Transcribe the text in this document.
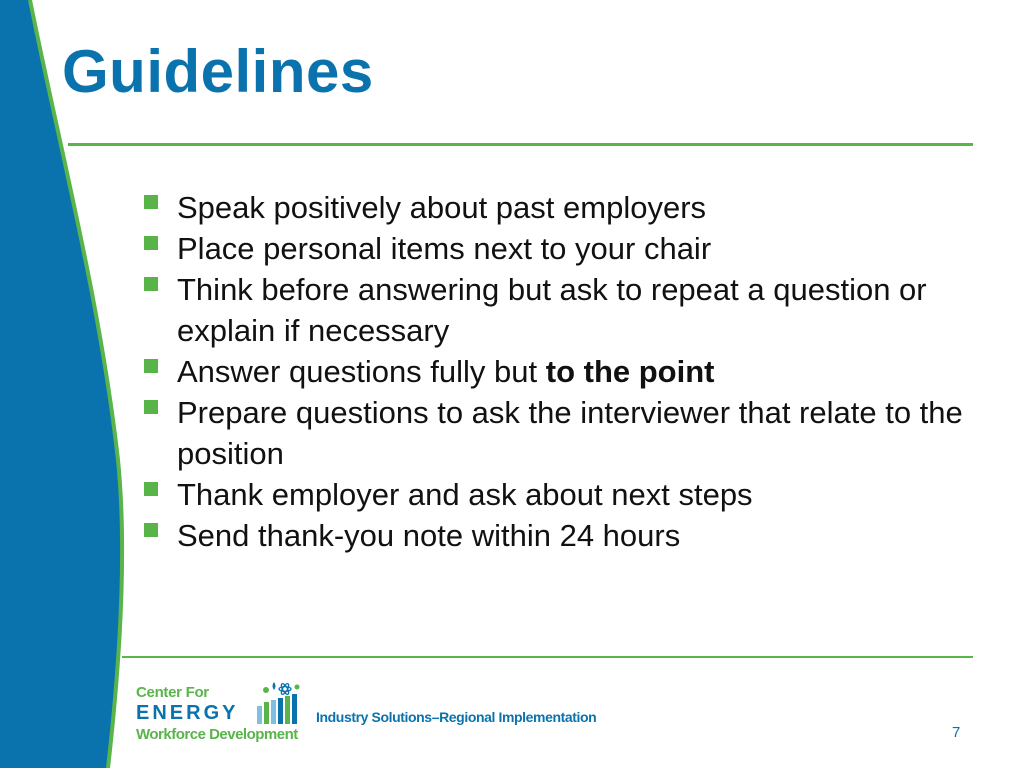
Guidelines
Speak positively about past employers
Place personal items next to your chair
Think before answering but ask to repeat a question or explain if necessary
Answer questions fully but to the point
Prepare questions to ask the interviewer that relate to the position
Thank employer and ask about next steps
Send thank-you note within 24 hours
Center For
ENERGY
Workforce Development
Industry Solutions–Regional Implementation
7
